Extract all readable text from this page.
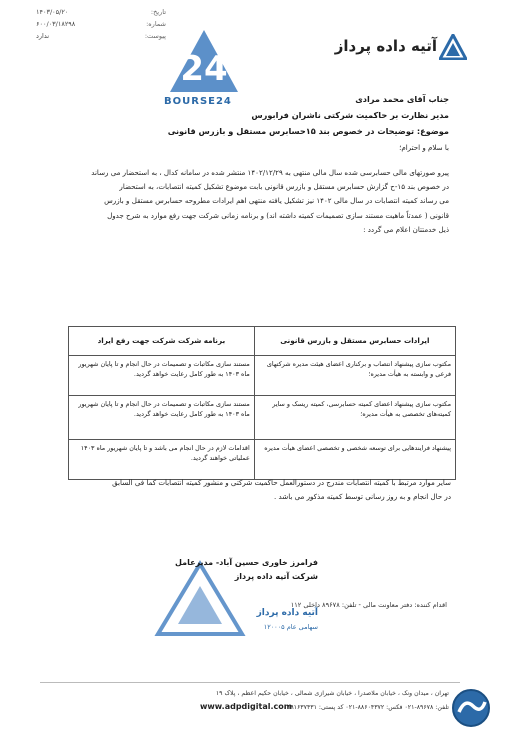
تاریخ:
۱۴۰۳/۰۵/۲۰
شماره:
۶۰۰/۰۳/۱۸۲۹۸
پیوست:
ندارد
24
BOURSE24
آتیه داده پرداز
جناب آقای محمد مرادی
مدیر نظارت بر حاکمیت شرکتی ناشران فرابورس
موضوع: توضیحات در خصوص بند ۱۵حسابرس مستقل و بازرس قانونی
با سلام و احترام؛
پیرو صورتهای مالی حسابرسی شده سال مالی منتهی به ۱۴۰۲/۱۲/۲۹ منتشر شده در سامانه کدال ، به استحضار می رساند
در خصوص بند ۱۵-ح گزارش حسابرس مستقل و بازرس قانونی بابت موضوع تشکیل کمیته انتصابات، به استحضار
می رساند کمیته انتصابات در سال مالی ۱۴۰۲ نیز تشکیل یافته منتهی اهم ایرادات مطروحه حسابرس مستقل و بازرس
قانونی ( عمدتاً ماهیت مستند سازی تصمیمات کمیته داشته اند) و برنامه زمانی شرکت جهت رفع موارد به شرح جدول
ذیل خدمتتان اعلام می گردد :
ایرادات حسابرس مستقل و بازرس قانونی	برنامه شرکت شرکت جهت رفع ایراد
مکتوب سازی پیشنهاد انتصاب و برکناری اعضای هیئت مدیره شرکتهای فرعی و وابسته به هیأت مدیره؛	مستند سازی مکاتبات و تصمیمات در حال انجام و تا پایان شهریور ماه ۱۴۰۳ به طور کامل رعایت خواهد گردید.
مکتوب سازی پیشنهاد اعضای کمیته حسابرسی، کمیته ریسک و سایر کمیته‌های تخصصی به هیأت مدیره؛	مستند سازی مکاتبات و تصمیمات در حال انجام و تا پایان شهریور ماه ۱۴۰۳ به طور کامل رعایت خواهد گردید.
پیشنهاد فرایندهایی برای توسعه شخصی و تخصصی اعضای هیأت مدیره	اقدامات لازم در حال انجام می باشد و تا پایان شهریور ماه ۱۴۰۳ عملیاتی خواهند گردید.
سایر موارد مرتبط با کمیته انتصابات مندرج در دستورالعمل حاکمیت شرکتی و منشور کمیته انتصابات کما فی السابق
در حال انجام و به روز رسانی توسط کمیته مذکور می باشد .
فرامرز خاوری حسین آباد- مدیرعامل
شرکت آتیه داده پرداز
آتیه داده پرداز
سهامی عام ۱۲۰۰۰۵
اقدام کننده: دفتر معاونت مالی - تلفن: ۸۹۶۷۸ داخلی ۱۱۲
تهران ، میدان ونک ، خیابان ملاصدرا ، خیابان شیرازی شمالی ، خیابان حکیم اعظم ، پلاک ۱۹
تلفن: ۸۹۶۷۸-۰۲۱ فکس: ۸۸۶۰۴۳۷۲-۰۲۱ کد پستی: ۱۹۹۱۶۳۷۴۳۱
www.adpdigital.com
